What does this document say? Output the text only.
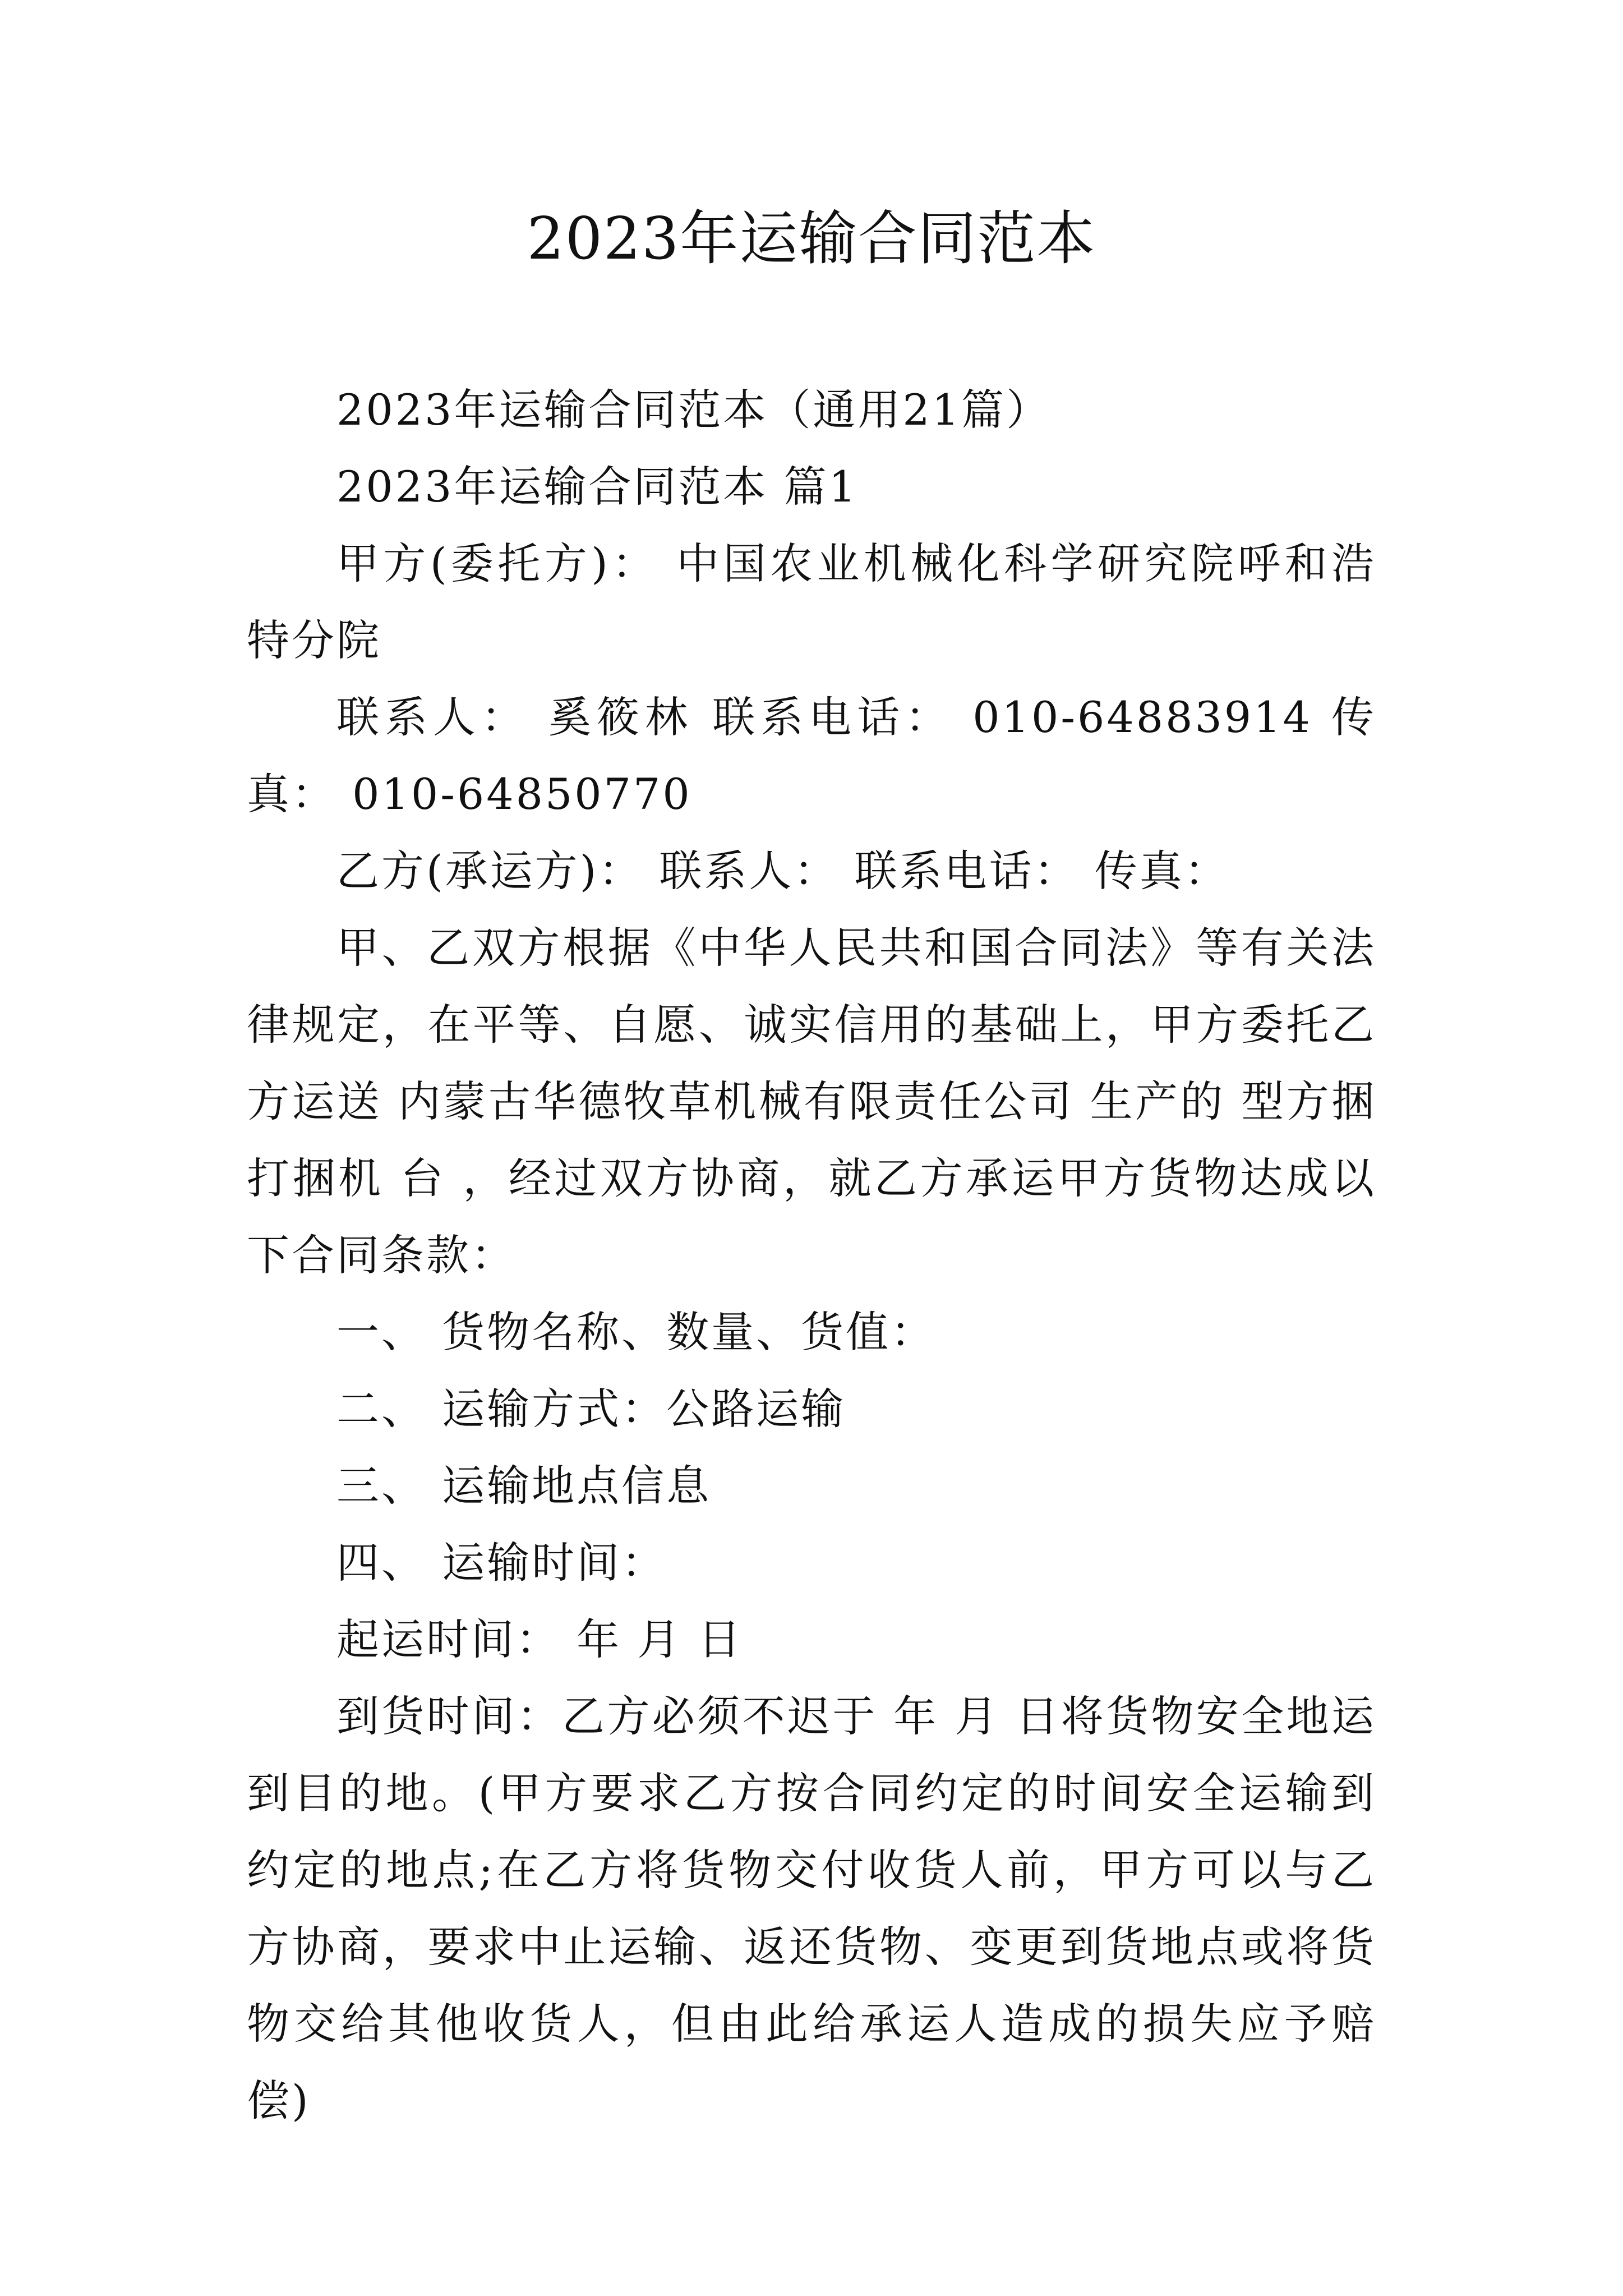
2023年运输合同范本

2023年运输合同范本（通用21篇）

2023年运输合同范本 篇1

甲方(委托方)： 中国农业机械化科学研究院呼和浩特分院

联系人： 奚筱林 联系电话： 010-64883914 传真： 010-64850770

乙方(承运方)： 联系人： 联系电话： 传真：

甲、乙双方根据《中华人民共和国合同法》等有关法律规定，在平等、自愿、诚实信用的基础上，甲方委托乙方运送 内蒙古华德牧草机械有限责任公司 生产的 型方捆打捆机 台 ，经过双方协商，就乙方承运甲方货物达成以下合同条款：

一、 货物名称、数量、货值：

二、 运输方式：公路运输

三、 运输地点信息

四、 运输时间：

起运时间： 年 月 日

到货时间：乙方必须不迟于 年 月 日将货物安全地运到目的地。(甲方要求乙方按合同约定的时间安全运输到约定的地点;在乙方将货物交付收货人前，甲方可以与乙方协商，要求中止运输、返还货物、变更到货地点或将货物交给其他收货人，但由此给承运人造成的损失应予赔偿)
